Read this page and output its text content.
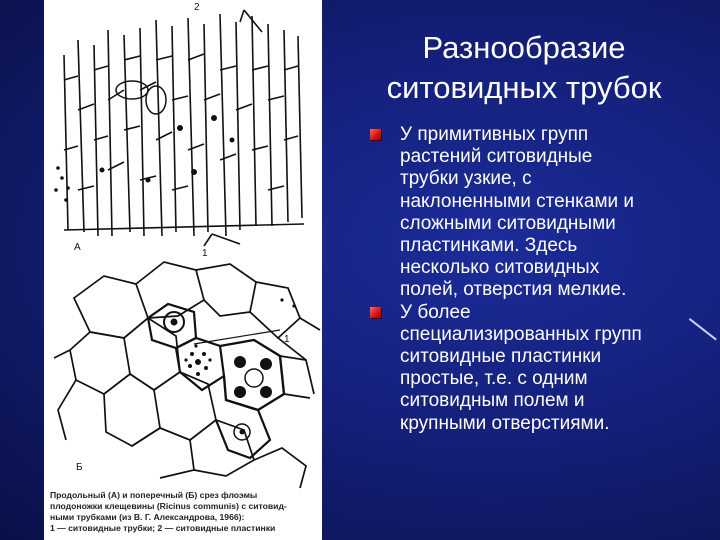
2
1
А
1
Б
Продольный (А) и поперечный (Б) срез флоэмы
плодоножки клещевины (Ricinus communis) с ситовид-
ными трубками (из В. Г. Александрова, 1966):
1 — ситовидные трубки; 2 — ситовидные пластинки
Разнообразие
ситовидных трубок
У примитивных групп
растений ситовидные
трубки узкие, с
наклоненными стенками и
сложными ситовидными
пластинками. Здесь
несколько ситовидных
полей, отверстия мелкие.
У более
специализированных групп
ситовидные пластинки
простые, т.е. с одним
ситовидным полем и
крупными отверстиями.
